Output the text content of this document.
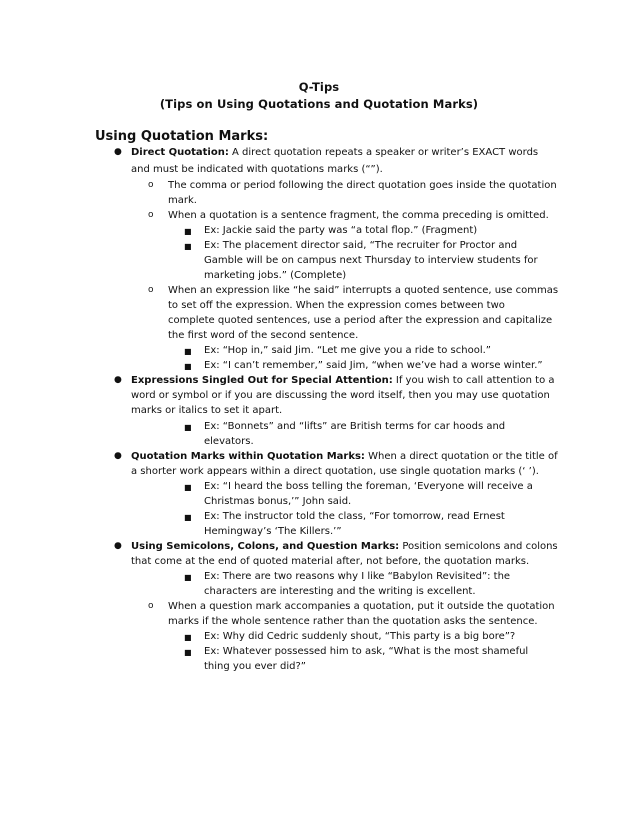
Q-Tips
(Tips on Using Quotations and Quotation Marks)
Using Quotation Marks:
● Direct Quotation: A direct quotation repeats a speaker or writer’s EXACT words
and must be indicated with quotations marks (“”).
o The comma or period following the direct quotation goes inside the quotation
mark.
o When a quotation is a sentence fragment, the comma preceding is omitted.
■ Ex: Jackie said the party was “a total flop.” (Fragment)
■ Ex: The placement director said, “The recruiter for Proctor and
Gamble will be on campus next Thursday to interview students for
marketing jobs.” (Complete)
o When an expression like “he said” interrupts a quoted sentence, use commas
to set off the expression. When the expression comes between two
complete quoted sentences, use a period after the expression and capitalize
the first word of the second sentence.
■ Ex: “Hop in,” said Jim. “Let me give you a ride to school.”
■ Ex: “I can’t remember,” said Jim, “when we’ve had a worse winter.”
● Expressions Singled Out for Special Attention: If you wish to call attention to a
word or symbol or if you are discussing the word itself, then you may use quotation
marks or italics to set it apart.
■ Ex: “Bonnets” and “lifts” are British terms for car hoods and
elevators.
● Quotation Marks within Quotation Marks: When a direct quotation or the title of
a shorter work appears within a direct quotation, use single quotation marks (‘ ’).
■ Ex: “I heard the boss telling the foreman, ‘Everyone will receive a
Christmas bonus,’” John said.
■ Ex: The instructor told the class, “For tomorrow, read Ernest
Hemingway’s ‘The Killers.’”
● Using Semicolons, Colons, and Question Marks: Position semicolons and colons
that come at the end of quoted material after, not before, the quotation marks.
■ Ex: There are two reasons why I like “Babylon Revisited”: the
characters are interesting and the writing is excellent.
o When a question mark accompanies a quotation, put it outside the quotation
marks if the whole sentence rather than the quotation asks the sentence.
■ Ex: Why did Cedric suddenly shout, “This party is a big bore”?
■ Ex: Whatever possessed him to ask, “What is the most shameful
thing you ever did?”
